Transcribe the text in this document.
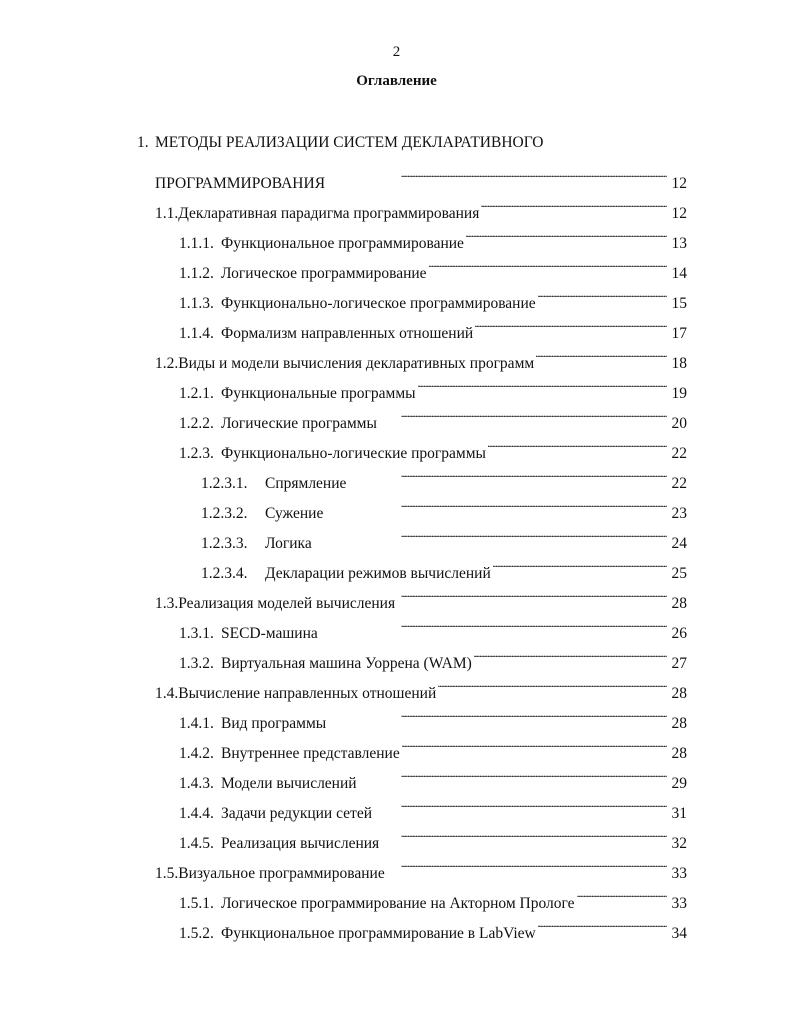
2
Оглавление
1. МЕТОДЫ РЕАЛИЗАЦИИ СИСТЕМ ДЕКЛАРАТИВНОГО
ПРОГРАММИРОВАНИЯ . . .	12
1.1. Декларативная парадигма программирования . . .	12
1.1.1. Функциональное программирование . . .	13
1.1.2. Логическое программирование . . .	14
1.1.3. Функционально-логическое программирование . . .	15
1.1.4. Формализм направленных отношений . . .	17
1.2. Виды и модели вычисления декларативных программ . . .	18
1.2.1. Функциональные программы . . .	19
1.2.2. Логические программы . . .	20
1.2.3. Функционально-логические программы . . .	22
1.2.3.1.	Спрямление . . .	22
1.2.3.2.	Сужение . . .	23
1.2.3.3.	Логика . . .	24
1.2.3.4.	Декларации режимов вычислений . . .	25
1.3. Реализация моделей вычисления . . .	28
1.3.1. SECD-машина . . .	26
1.3.2. Виртуальная машина Уоррена (WAM) . . .	27
1.4. Вычисление направленных отношений . . .	28
1.4.1. Вид программы . . .	28
1.4.2. Внутреннее представление . . .	28
1.4.3. Модели вычислений . . .	29
1.4.4. Задачи редукции сетей . . .	31
1.4.5. Реализация вычисления . . .	32
1.5. Визуальное программирование . . .	33
1.5.1. Логическое программирование на Акторном Прологе . . .	33
1.5.2. Функциональное программирование в LabView . . .	34
